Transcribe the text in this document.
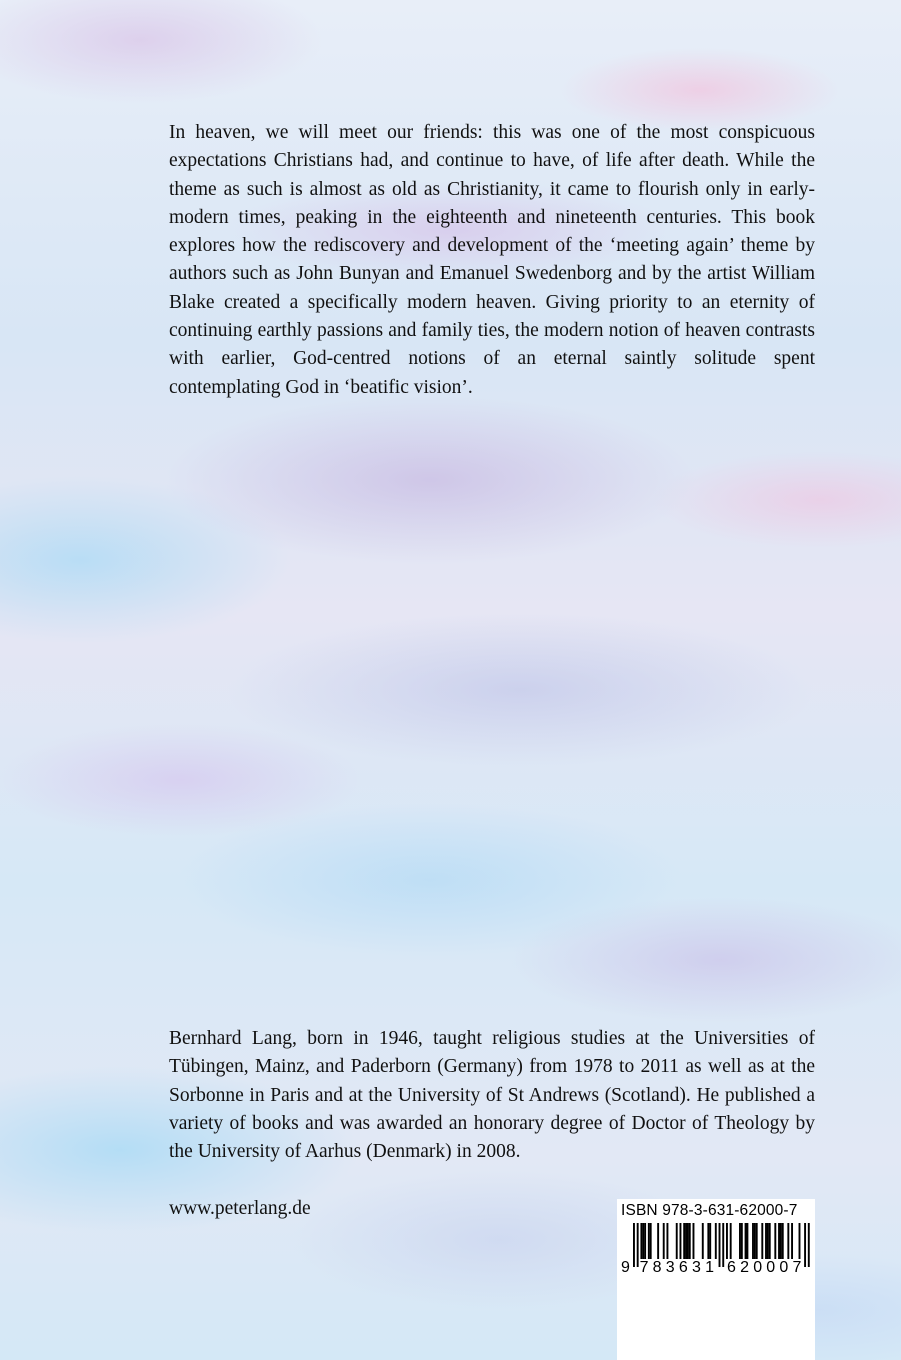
In heaven, we will meet our friends: this was one of the most conspicuous expectations Christians had, and continue to have, of life after death. While the theme as such is almost as old as Christianity, it came to flourish only in early-modern times, peaking in the eighteenth and nineteenth centuries. This book explores how the rediscovery and development of the ‘meeting again’ theme by authors such as John Bunyan and Emanuel Swedenborg and by the artist William Blake created a specifically modern heaven. Giving priority to an eternity of continuing earthly passions and family ties, the modern notion of heaven contrasts with earlier, God-centred notions of an eternal saintly solitude spent contemplating God in ‘beatific vision’.

Bernhard Lang, born in 1946, taught religious studies at the Universities of Tübingen, Mainz, and Paderborn (Germany) from 1978 to 2011 as well as at the Sorbonne in Paris and at the University of St Andrews (Scotland). He published a variety of books and was awarded an honorary degree of Doctor of Theology by the University of Aarhus (Denmark) in 2008.

www.peterlang.de	ISBN 978-3-631-62000-7
9 783631 620007
